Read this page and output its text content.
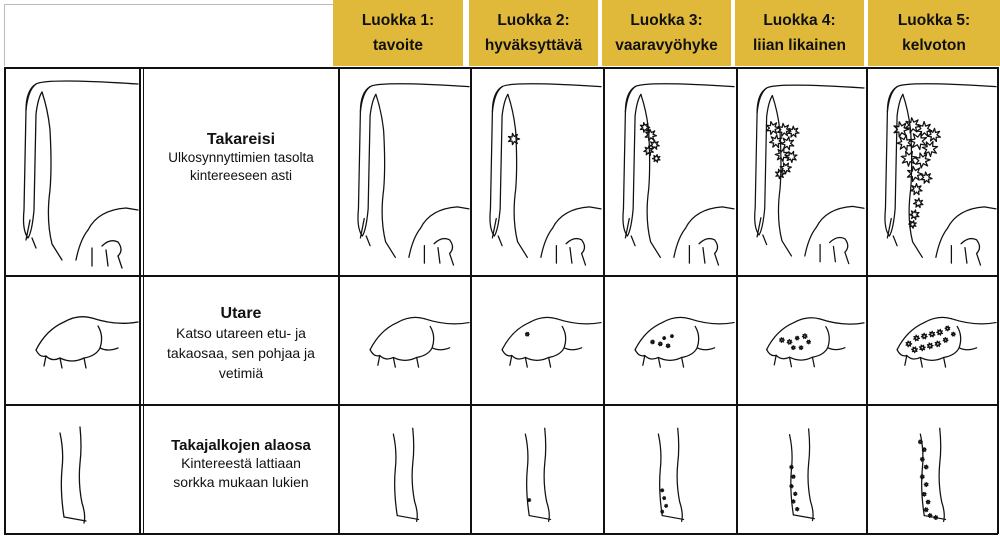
Luokka 1:
tavoite
Luokka 2:
hyväksyttävä
Luokka 3:
vaaravyöhyke
Luokka 4:
liian likainen
Luokka 5:
kelvoton
Takareisi
Ulkosynnyttimien tasolta
kintereeseen asti
Utare
Katso utareen etu- ja
takaosaa, sen pohjaa ja
vetimiä
Takajalkojen alaosa
Kintereestä lattiaan
sorkka mukaan lukien
